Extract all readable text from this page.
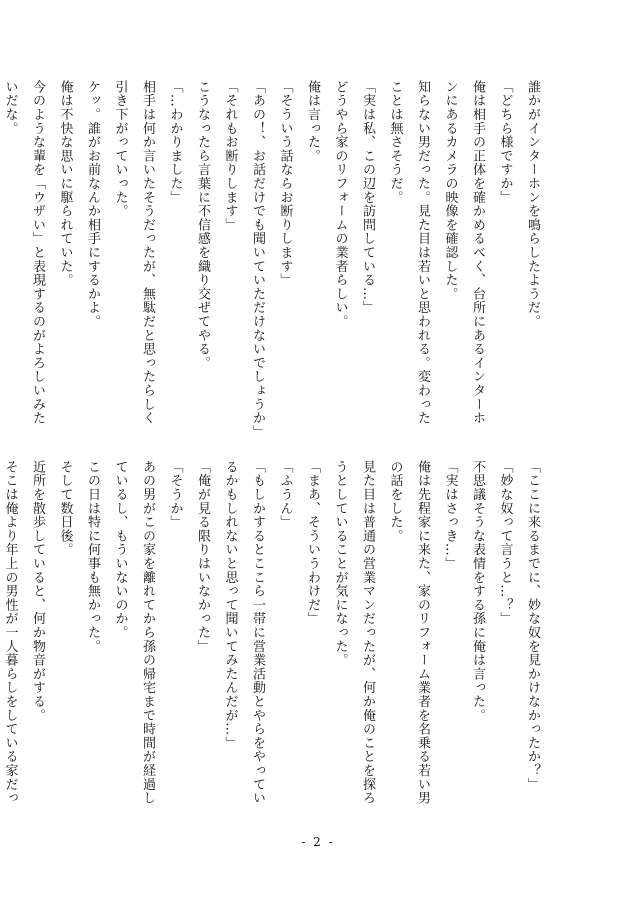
誰かがインターホンを鳴らしたようだ。
「どちら様ですか」
俺は相手の正体を確かめるべく、台所にあるインターホ
ンにあるカメラの映像を確認した。
知らない男だった。見た目は若いと思われる。変わった
ことは無さそうだ。
「実は私、この辺を訪問している…」
どうやら家のリフォームの業者らしい。
俺は言った。
「そういう話ならお断りします」
「あの！、お話だけでも聞いていただけないでしょうか」
「それもお断りします」
こうなったら言葉に不信感を織り交ぜてやる。
「…わかりました」
相手は何か言いたそうだったが、無駄だと思ったらしく
引き下がっていった。
ケッ。誰がお前なんか相手にするかよ。
俺は不快な思いに駆られていた。
今のような輩を「ウザい」と表現するのがよろしいみた
いだな。
「ここに来るまでに、妙な奴を見かけなかったか？」
「妙な奴って言うと…？」
不思議そうな表情をする孫に俺は言った。
「実はさっき…」
俺は先程家に来た、家のリフォーム業者を名乗る若い男
の話をした。
見た目は普通の営業マンだったが、何か俺のことを探ろ
うとしていることが気になった。
「まあ、そういうわけだ」
「ふうん」
「もしかするとここら一帯に営業活動とやらをやってい
るかもしれないと思って聞いてみたんだが…」
「俺が見る限りはいなかった」
「そうか」
あの男がこの家を離れてから孫の帰宅まで時間が経過し
ているし、もういないのか。
この日は特に何事も無かった。
そして数日後。
近所を散歩していると、何か物音がする。
そこは俺より年上の男性が一人暮らしをしている家だっ
- 2 -
